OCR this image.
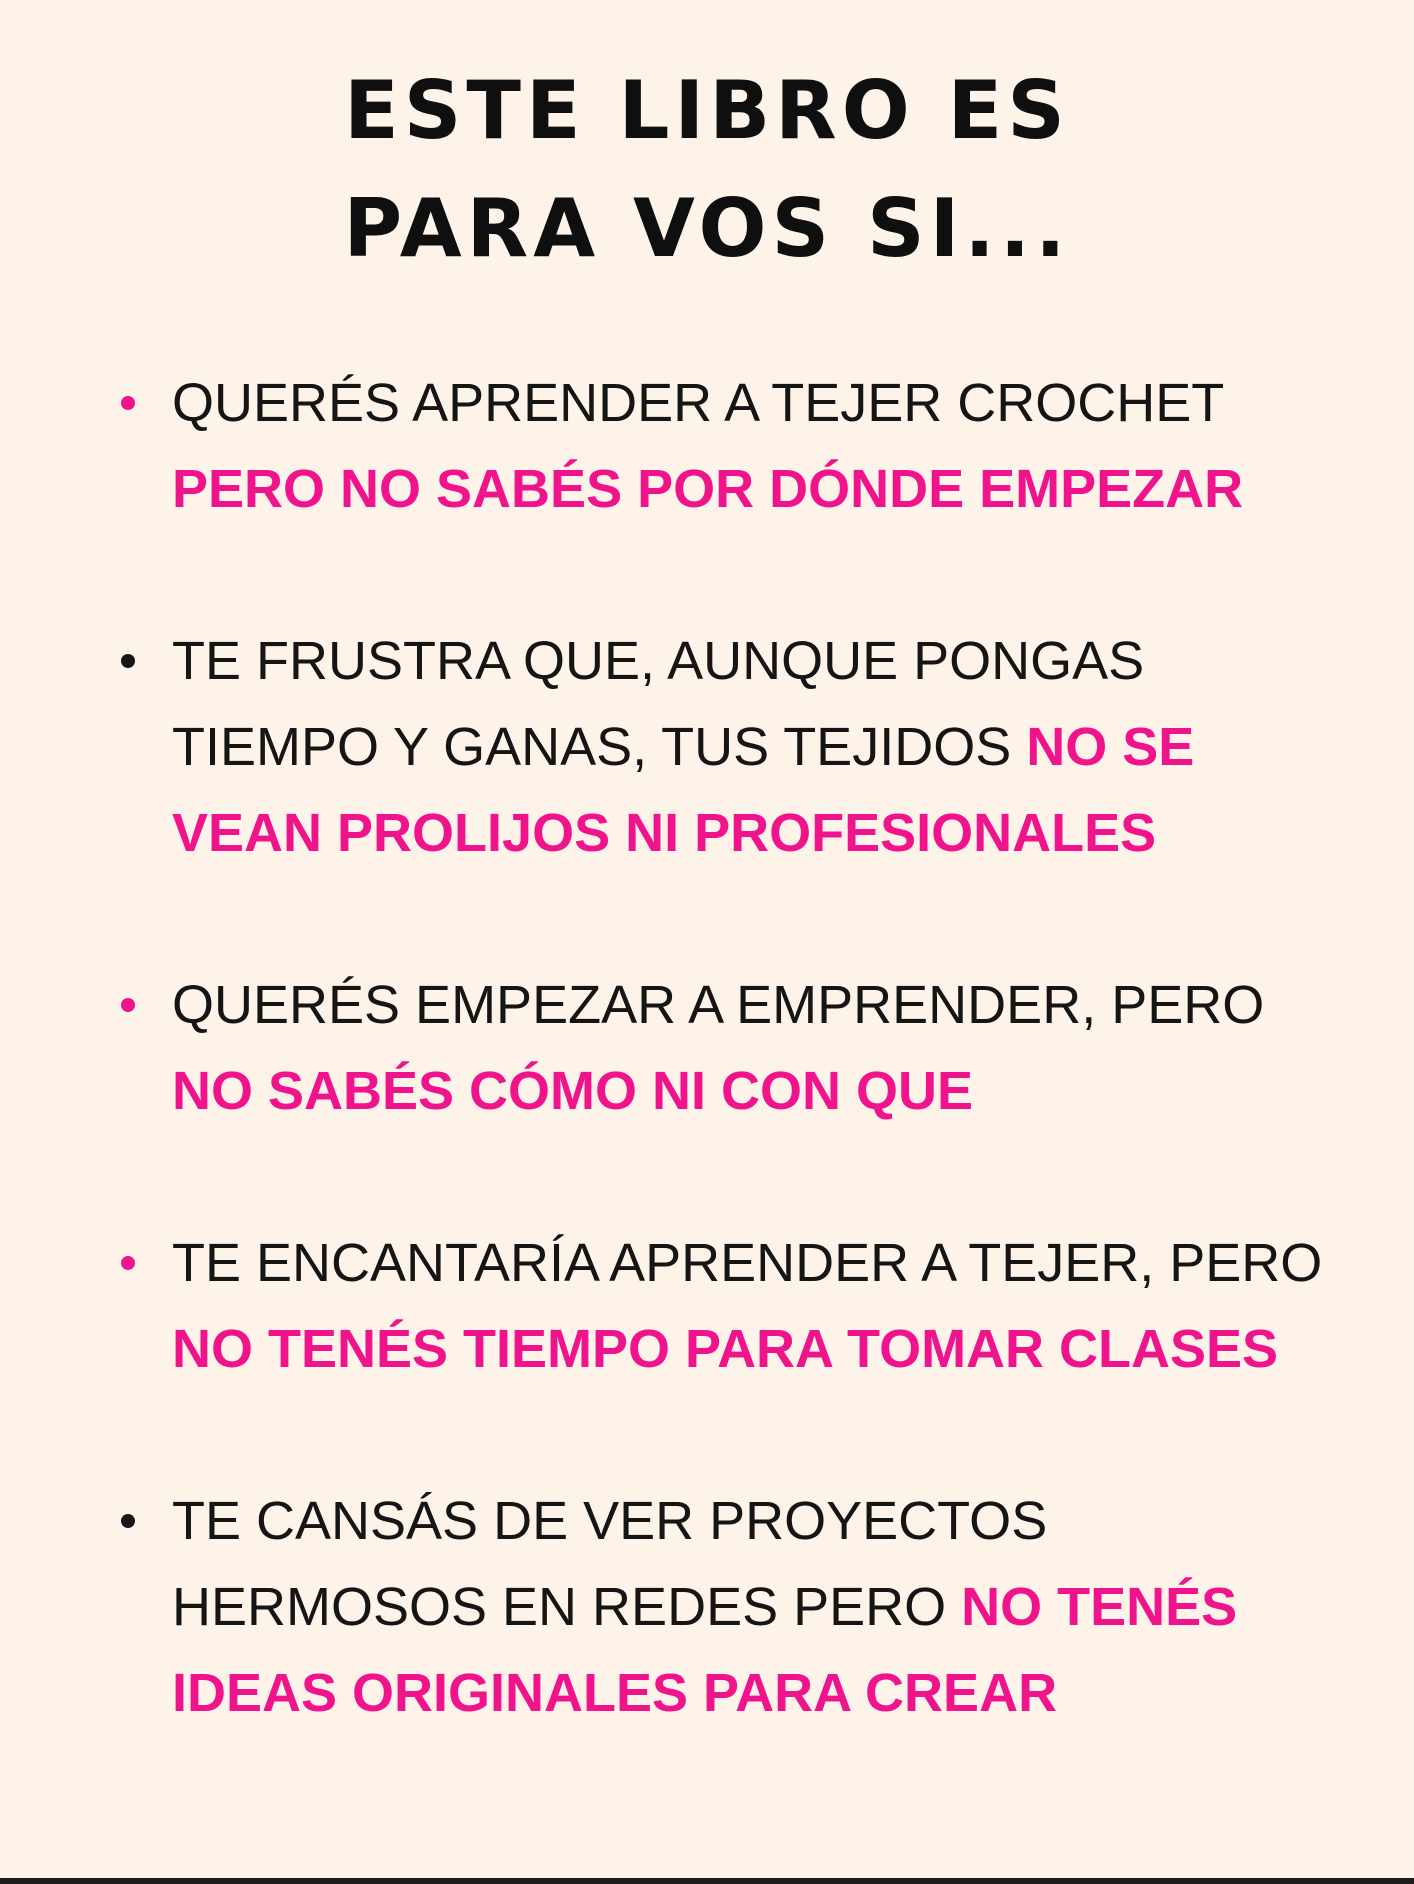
ESTE LIBRO ES
PARA VOS SI...
QUERÉS APRENDER A TEJER CROCHET PERO NO SABÉS POR DÓNDE EMPEZAR
TE FRUSTRA QUE, AUNQUE PONGAS TIEMPO Y GANAS, TUS TEJIDOS NO SE VEAN PROLIJOS NI PROFESIONALES
QUERÉS EMPEZAR A EMPRENDER, PERO NO SABÉS CÓMO NI CON QUE
TE ENCANTARÍA APRENDER A TEJER, PERO NO TENÉS TIEMPO PARA TOMAR CLASES
TE CANSÁS DE VER PROYECTOS HERMOSOS EN REDES PERO NO TENÉS IDEAS ORIGINALES PARA CREAR
